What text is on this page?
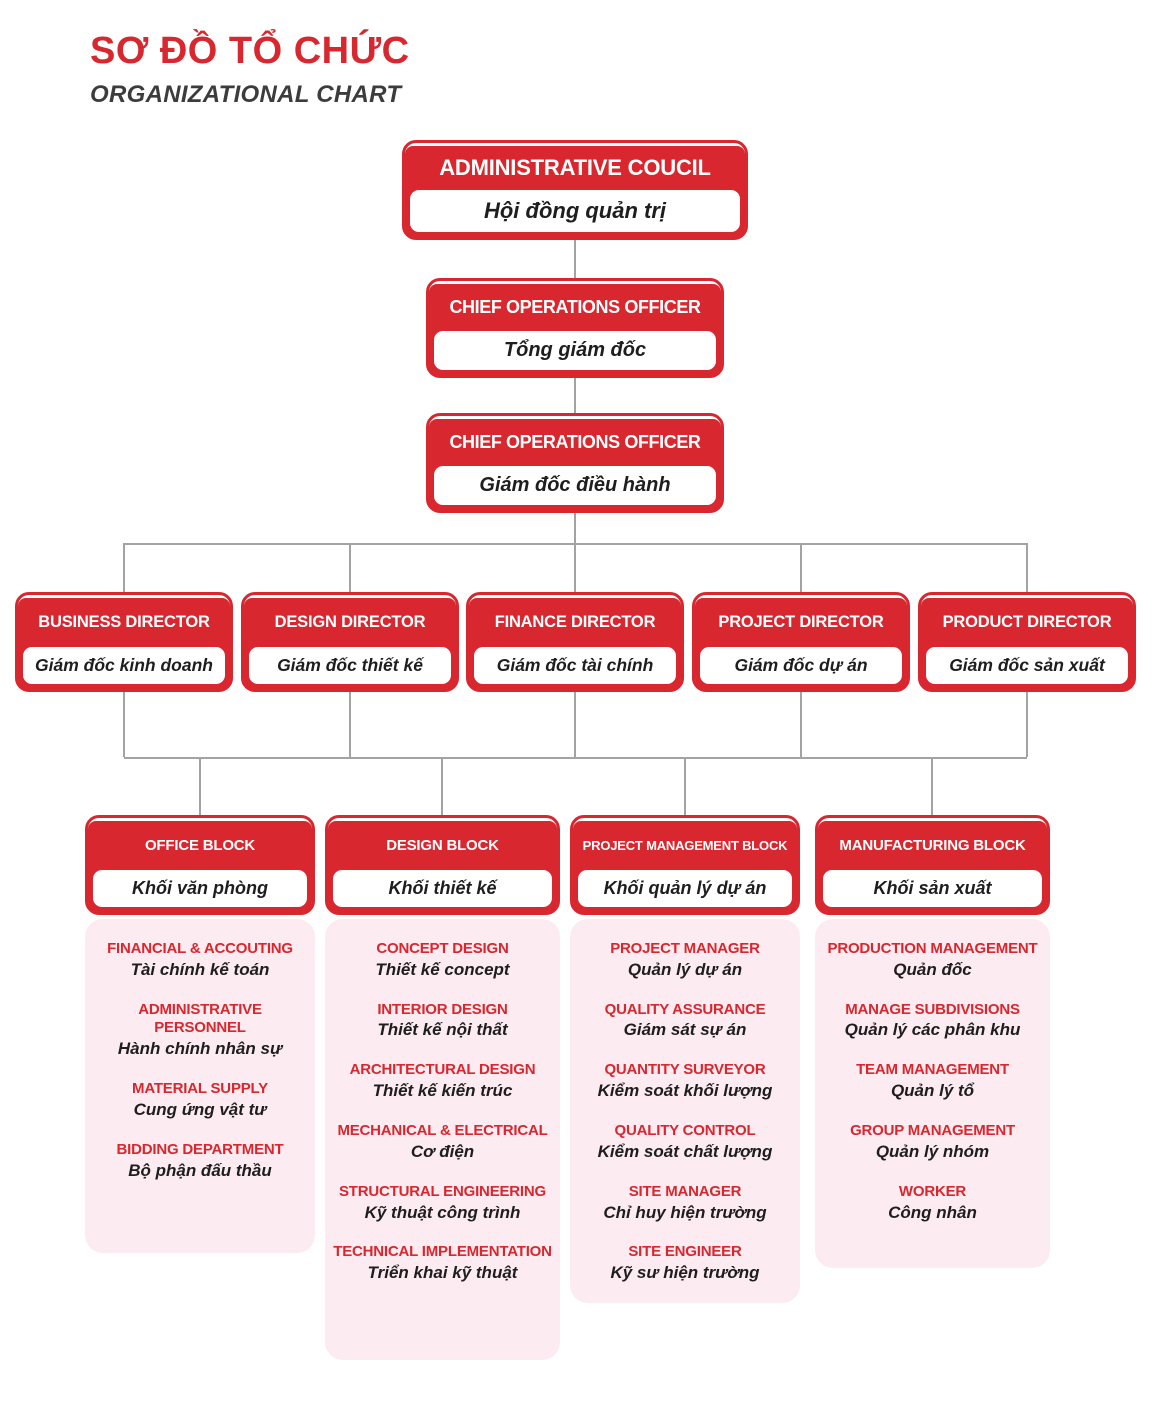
SƠ ĐỒ TỔ CHỨC
ORGANIZATIONAL CHART
ADMINISTRATIVE COUCIL
Hội đồng quản trị
CHIEF OPERATIONS OFFICER
Tổng giám đốc
CHIEF OPERATIONS OFFICER
Giám đốc điều hành
BUSINESS DIRECTOR
Giám đốc kinh doanh
DESIGN DIRECTOR
Giám đốc thiết kế
FINANCE DIRECTOR
Giám đốc tài chính
PROJECT DIRECTOR
Giám đốc dự án
PRODUCT DIRECTOR
Giám đốc sản xuất
OFFICE BLOCK
Khối văn phòng
DESIGN BLOCK
Khối thiết kế
PROJECT MANAGEMENT BLOCK
Khối quản lý dự án
MANUFACTURING BLOCK
Khối sản xuất
FINANCIAL & ACCOUTING
Tài chính kế toán
ADMINISTRATIVE PERSONNEL
Hành chính nhân sự
MATERIAL SUPPLY
Cung ứng vật tư
BIDDING DEPARTMENT
Bộ phận đấu thầu
CONCEPT DESIGN
Thiết kế concept
INTERIOR DESIGN
Thiết kế nội thất
ARCHITECTURAL DESIGN
Thiết kế kiến trúc
MECHANICAL & ELECTRICAL
Cơ điện
STRUCTURAL ENGINEERING
Kỹ thuật công trình
TECHNICAL IMPLEMENTATION
Triển khai kỹ thuật
PROJECT MANAGER
Quản lý dự án
QUALITY ASSURANCE
Giám sát sự án
QUANTITY SURVEYOR
Kiểm soát khối lượng
QUALITY CONTROL
Kiểm soát chất lượng
SITE MANAGER
Chỉ huy hiện trường
SITE ENGINEER
Kỹ sư hiện trường
PRODUCTION MANAGEMENT
Quản đốc
MANAGE SUBDIVISIONS
Quản lý các phân khu
TEAM MANAGEMENT
Quản lý tổ
GROUP MANAGEMENT
Quản lý nhóm
WORKER
Công nhân
